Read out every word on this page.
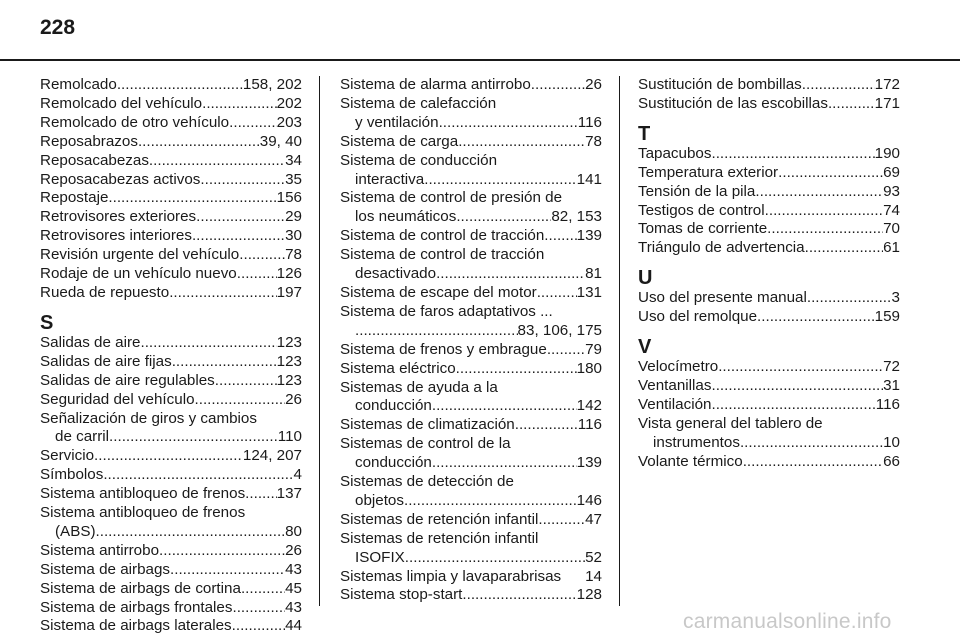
228
Remolcado .....	158, 202
Remolcado del vehículo .....	202
Remolcado de otro vehículo .....	203
Reposabrazos .....	39, 40
Reposacabezas .....	34
Reposacabezas activos .....	35
Repostaje .....	156
Retrovisores exteriores .....	29
Retrovisores interiores .....	30
Revisión urgente del vehículo .....	78
Rodaje de un vehículo nuevo .....	126
Rueda de repuesto .....	197
S
Salidas de aire .....	123
Salidas de aire fijas .....	123
Salidas de aire regulables .....	123
Seguridad del vehículo .....	26
Señalización de giros y cambios
de carril .....	110
Servicio .....	124, 207
Símbolos .....	4
Sistema antibloqueo de frenos ..... 137
Sistema antibloqueo de frenos
(ABS) .....	80
Sistema antirrobo .....	26
Sistema de airbags .....	43
Sistema de airbags de cortina .....	45
Sistema de airbags frontales .....	43
Sistema de airbags laterales .....	44
Sistema de alarma antirrobo .....	26
Sistema de calefacción
y ventilación .....	116
Sistema de carga .....	78
Sistema de conducción
interactiva .....	141
Sistema de control de presión de
los neumáticos .....	82, 153
Sistema de control de tracción ..... 139
Sistema de control de tracción
desactivado .....	81
Sistema de escape del motor .....	131
Sistema de faros adaptativos ...
.....
83, 106, 175
Sistema de frenos y embrague .....	79
Sistema eléctrico .....	180
Sistemas de ayuda a la
conducción .....	142
Sistemas de climatización .....	116
Sistemas de control de la
conducción .....	139
Sistemas de detección de
objetos .....	146
Sistemas de retención infantil .....	47
Sistemas de retención infantil
ISOFIX .....	52
Sistemas limpia y lavaparabrisas 14
Sistema stop-start .....	128
Sustitución de bombillas .....	172
Sustitución de las escobillas .....	171
T
Tapacubos .....	190
Temperatura exterior .....	69
Tensión de la pila .....	93
Testigos de control .....	74
Tomas de corriente .....	70
Triángulo de advertencia .....	61
U
Uso del presente manual .....	3
Uso del remolque .....	159
V
Velocímetro .....	72
Ventanillas .....	31
Ventilación .....	116
Vista general del tablero de
instrumentos .....	10
Volante térmico .....	66
carmanualsonline.info
